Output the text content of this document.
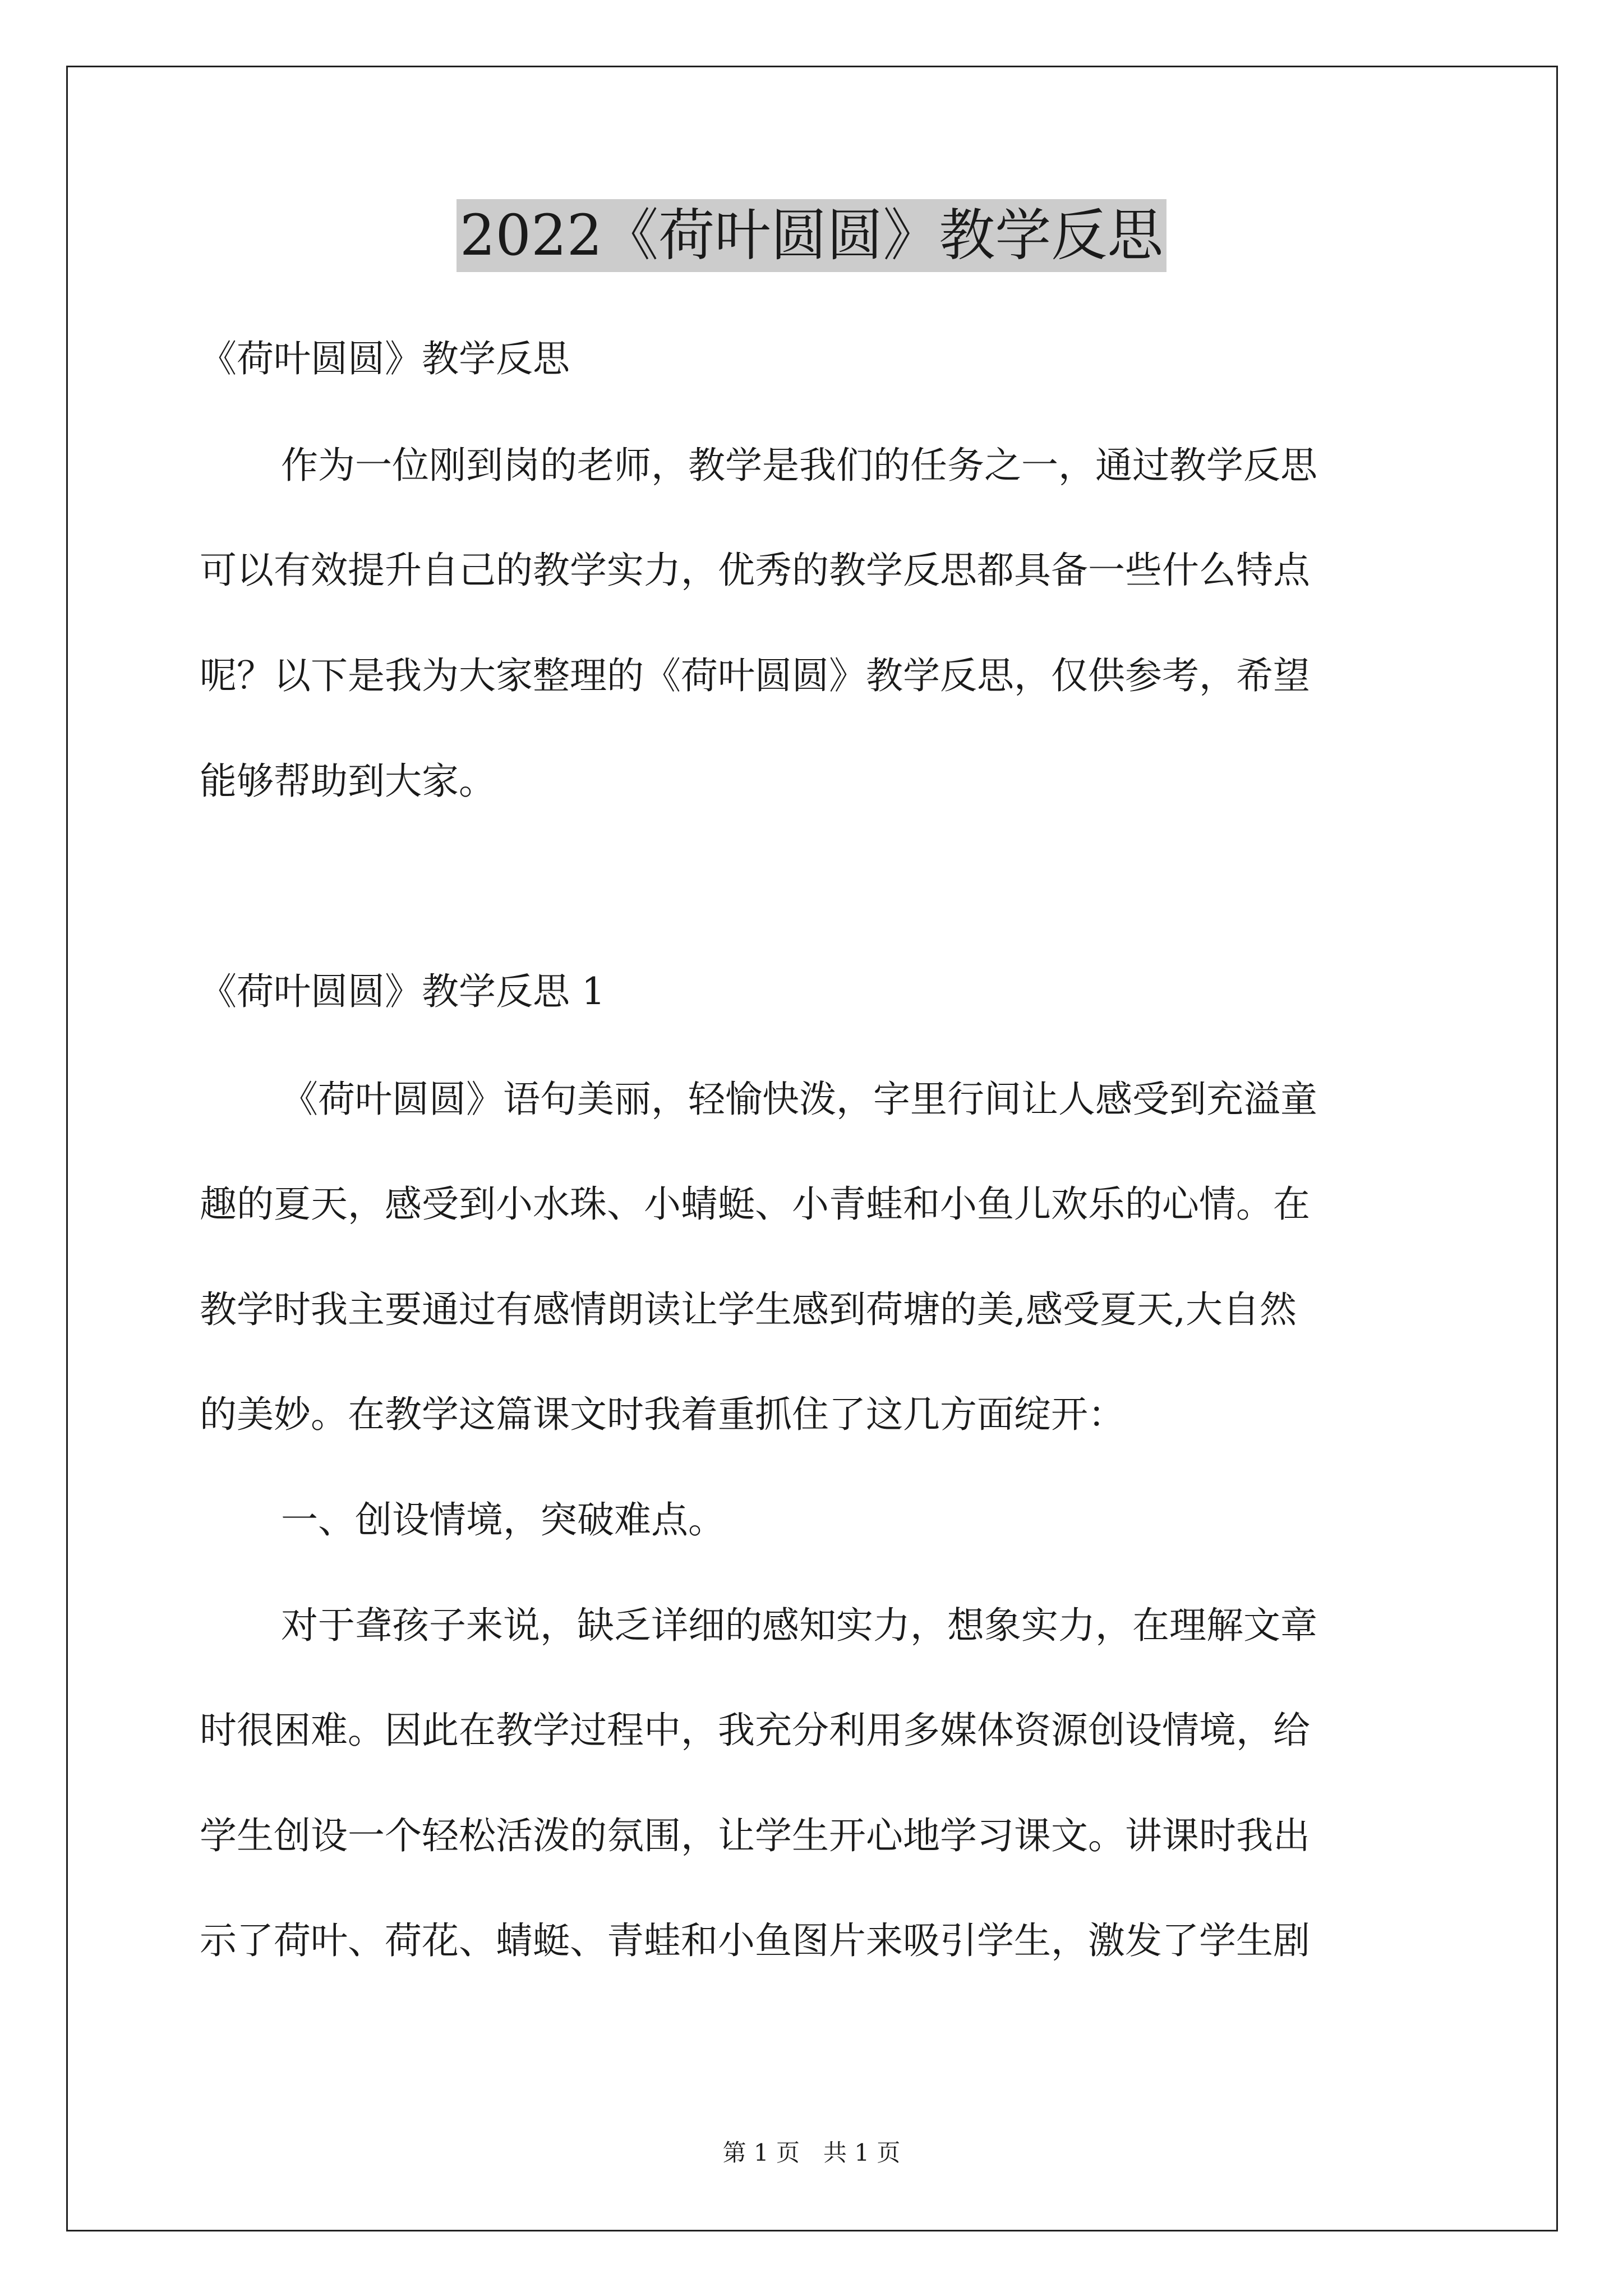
2022《荷叶圆圆》教学反思
《荷叶圆圆》教学反思
作为一位刚到岗的老师，教学是我们的任务之一，通过教学反思
可以有效提升自己的教学实力，优秀的教学反思都具备一些什么特点
呢？以下是我为大家整理的《荷叶圆圆》教学反思，仅供参考，希望
能够帮助到大家。
《荷叶圆圆》教学反思 1
《荷叶圆圆》语句美丽，轻愉快泼，字里行间让人感受到充溢童
趣的夏天，感受到小水珠、小蜻蜓、小青蛙和小鱼儿欢乐的心情。在
教学时我主要通过有感情朗读让学生感到荷塘的美,感受夏天,大自然
的美妙。在教学这篇课文时我着重抓住了这几方面绽开：
一、创设情境，突破难点。
对于聋孩子来说，缺乏详细的感知实力，想象实力，在理解文章
时很困难。因此在教学过程中，我充分利用多媒体资源创设情境，给
学生创设一个轻松活泼的氛围，让学生开心地学习课文。讲课时我出
示了荷叶、荷花、蜻蜓、青蛙和小鱼图片来吸引学生，激发了学生剧
第 1 页　共 1 页
